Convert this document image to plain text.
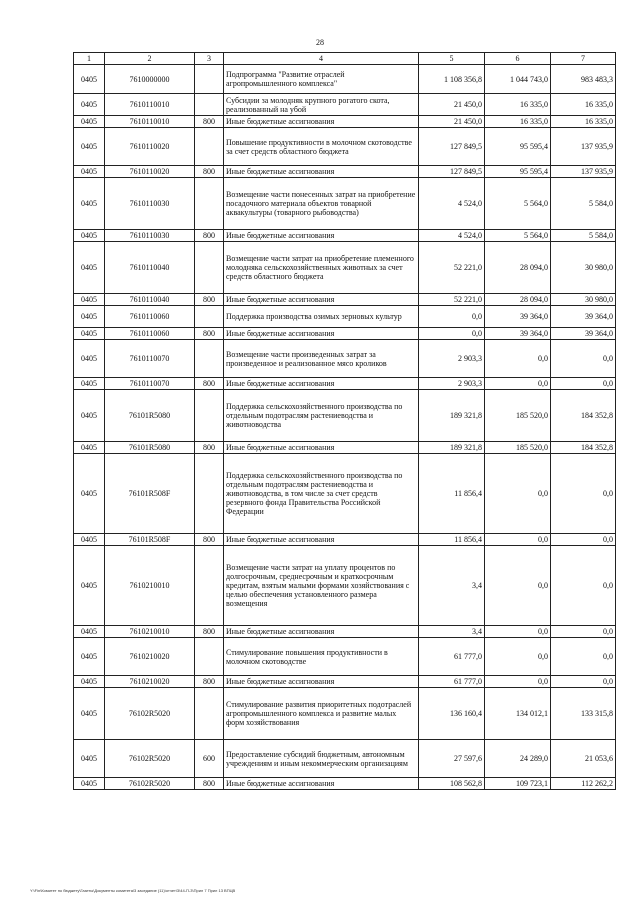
28
1	2	3	4	5	6	7
0405	7610000000		Подпрограмма "Развитие отраслей агропромышленного комплекса"	1 108 356,8	1 044 743,0	983 483,3
0405	7610110010		Субсидии за молодняк крупного рогатого скота, реализованный на убой	21 450,0	16 335,0	16 335,0
0405	7610110010	800	Иные бюджетные ассигнования	21 450,0	16 335,0	16 335,0
0405	7610110020		Повышение продуктивности в молочном скотоводстве за счет средств областного бюджета	127 849,5	95 595,4	137 935,9
0405	7610110020	800	Иные бюджетные ассигнования	127 849,5	95 595,4	137 935,9
0405	7610110030		Возмещение части понесенных затрат на приобретение посадочного материала объектов товарной аквакультуры (товарного рыбоводства)	4 524,0	5 564,0	5 584,0
0405	7610110030	800	Иные бюджетные ассигнования	4 524,0	5 564,0	5 584,0
0405	7610110040		Возмещение части затрат на приобретение племенного молодняка сельскохозяйственных животных за счет средств областного бюджета	52 221,0	28 094,0	30 980,0
0405	7610110040	800	Иные бюджетные ассигнования	52 221,0	28 094,0	30 980,0
0405	7610110060		Поддержка производства озимых зерновых культур	0,0	39 364,0	39 364,0
0405	7610110060	800	Иные бюджетные ассигнования	0,0	39 364,0	39 364,0
0405	7610110070		Возмещение части произведенных затрат за произведенное и реализованное мясо кроликов	2 903,3	0,0	0,0
0405	7610110070	800	Иные бюджетные ассигнования	2 903,3	0,0	0,0
0405	76101R5080		Поддержка сельскохозяйственного производства по отдельным подотраслям растениеводства и животноводства	189 321,8	185 520,0	184 352,8
0405	76101R5080	800	Иные бюджетные ассигнования	189 321,8	185 520,0	184 352,8
0405	76101R508F		Поддержка сельскохозяйственного производства по отдельным подотраслям растениеводства и животноводства, в том числе за счет средств резервного фонда Правительства Российской Федерации	11 856,4	0,0	0,0
0405	76101R508F	800	Иные бюджетные ассигнования	11 856,4	0,0	0,0
0405	7610210010		Возмещение части затрат на уплату процентов по долгосрочным, среднесрочным и краткосрочным кредитам, взятым малыми формами хозяйствования с целью обеспечения установленного размера возмещения	3,4	0,0	0,0
0405	7610210010	800	Иные бюджетные ассигнования	3,4	0,0	0,0
0405	7610210020		Стимулирование повышения продуктивности в молочном скотоводстве	61 777,0	0,0	0,0
0405	7610210020	800	Иные бюджетные ассигнования	61 777,0	0,0	0,0
0405	76102R5020		Стимулирование развития приоритетных подотраслей агропромышленного комплекса и развитие малых форм хозяйствования	136 160,4	134 012,1	133 315,8
0405	76102R5020	600	Предоставление субсидий бюджетным, автономным учреждениям и иным некоммерческим организациям	27 597,6	24 289,0	21 053,6
0405	76102R5020	800	Иные бюджетные ассигнования	108 562,8	109 723,1	112 262,2
Y:\Fin\Комитет по бюджету\Газеты\Документы комитета\3 заседание (11)\отчет\3\44-П-3\Прил 7 Прил 13 ВПЦВ
